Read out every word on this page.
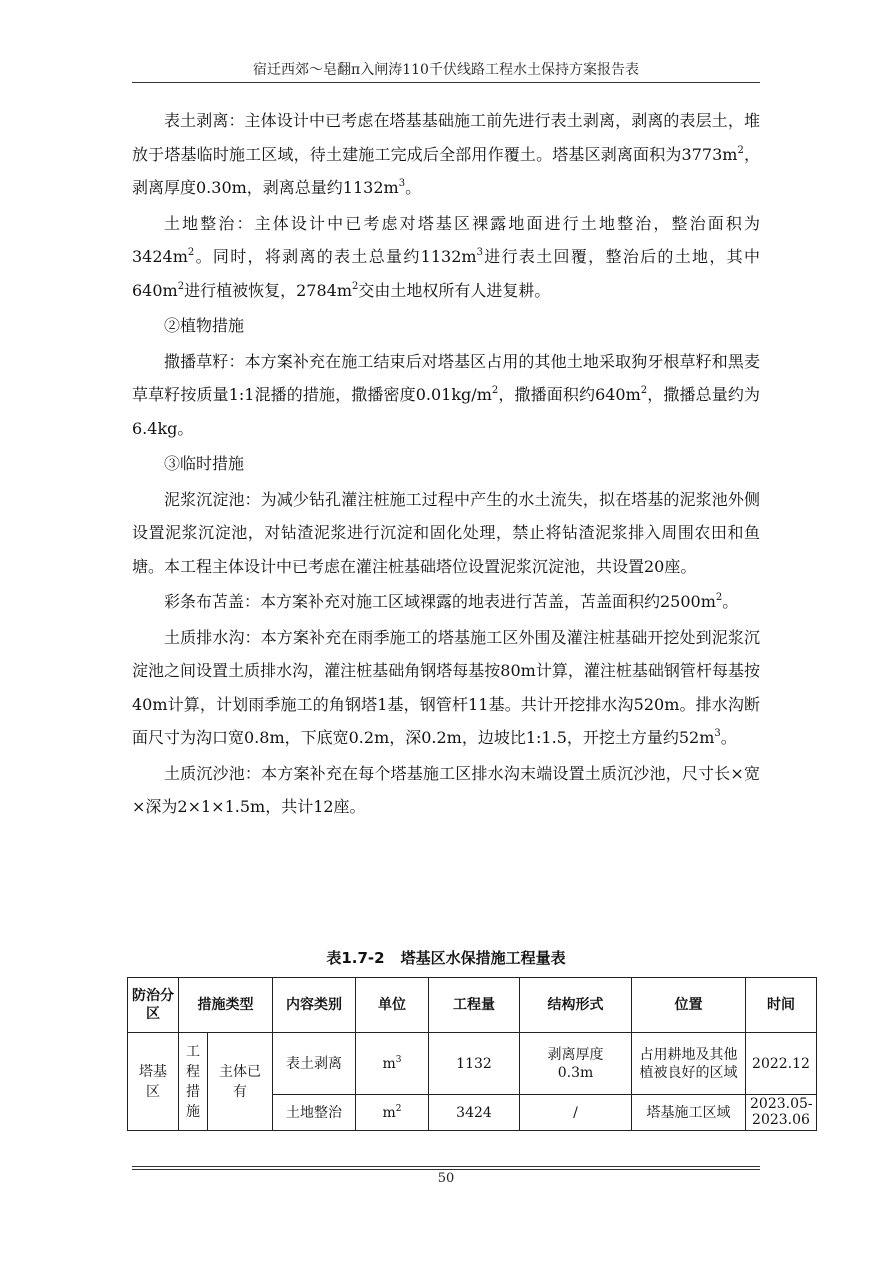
宿迁西郊～皂翻π入闸涛110千伏线路工程水土保持方案报告表

表土剥离：主体设计中已考虑在塔基基础施工前先进行表土剥离，剥离的表层土，堆放于塔基临时施工区域，待土建施工完成后全部用作覆土。塔基区剥离面积为$3773m^2$，剥离厚度0.30m，剥离总量约$1132m^3$。

土地整治：主体设计中已考虑对塔基区裸露地面进行土地整治，整治面积为$3424m^2$。同时，将剥离的表土总量约$1132m^3$进行表土回覆，整治后的土地，其中$640m^2$进行植被恢复，$2784m^2$交由土地权所有人进复耕。

②植物措施

撒播草籽：本方案补充在施工结束后对塔基区占用的其他土地采取狗牙根草籽和黑麦草草籽按质量1:1混播的措施，撒播密度$0.01kg/m^2$，撒播面积约$640m^2$，撒播总量约为6.4kg。

③临时措施

泥浆沉淀池：为减少钻孔灌注桩施工过程中产生的水土流失，拟在塔基的泥浆池外侧设置泥浆沉淀池，对钻渣泥浆进行沉淀和固化处理，禁止将钻渣泥浆排入周围农田和鱼塘。本工程主体设计中已考虑在灌注桩基础塔位设置泥浆沉淀池，共设置20座。

彩条布苫盖：本方案补充对施工区域裸露的地表进行苫盖，苫盖面积约$2500m^2$。

土质排水沟：本方案补充在雨季施工的塔基施工区外围及灌注桩基础开挖处到泥浆沉淀池之间设置土质排水沟，灌注桩基础角钢塔每基按80m计算，灌注桩基础钢管杆每基按40m计算，计划雨季施工的角钢塔1基，钢管杆11基。共计开挖排水沟520m。排水沟断面尺寸为沟口宽0.8m，下底宽0.2m，深0.2m，边坡比1:1.5，开挖土方量约$52m^3$。

土质沉沙池：本方案补充在每个塔基施工区排水沟末端设置土质沉沙池，尺寸长×宽×深为2×1×1.5m，共计12座。

表1.7-2 塔基区水保措施工程量表
防治分区	措施类型		内容类别	单位	工程量	结构形式	位置	时间
塔基区	工程措施	主体已有	表土剥离	$m^3$	1132	剥离厚度0.3m	占用耕地及其他植被良好的区域	2022.12
			土地整治	$m^2$	3424	/	塔基施工区域	2023.05-2023.06
50
